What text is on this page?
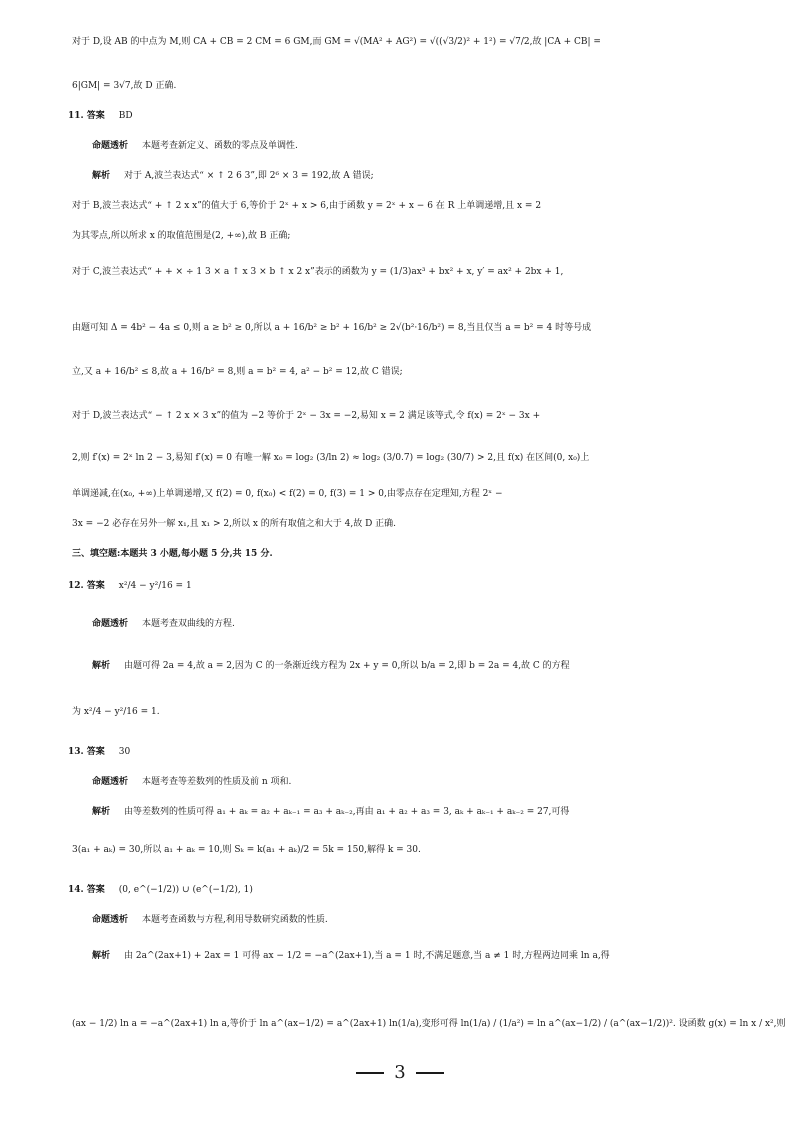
对于 D,设 AB 的中点为 M,则 CA + CB = 2 CM = 6 GM,而 GM = √(MA² + AG²) = √((√3/2)² + 1²) = √7/2,故 |CA + CB| =
6|GM| = 3√7,故 D 正确.
11. 答案 BD
命题透析 本题考查新定义、函数的零点及单调性.
解析 对于 A,波兰表达式“ × ↑ 2 6 3”,即 2⁶ × 3 = 192,故 A 错误;
对于 B,波兰表达式“ + ↑ 2 x x”的值大于 6,等价于 2ˣ + x > 6,由于函数 y = 2ˣ + x − 6 在 R 上单调递增,且 x = 2
为其零点,所以所求 x 的取值范围是(2, +∞),故 B 正确;
对于 C,波兰表达式“ + + × ÷ 1 3 × a ↑ x 3 × b ↑ x 2 x”表示的函数为 y = (1/3)ax³ + bx² + x, y′ = ax² + 2bx + 1,
由题可知 Δ = 4b² − 4a ≤ 0,则 a ≥ b² ≥ 0,所以 a + 16/b² ≥ b² + 16/b² ≥ 2√(b²·16/b²) = 8,当且仅当 a = b² = 4 时等号成
立,又 a + 16/b² ≤ 8,故 a + 16/b² = 8,则 a = b² = 4, a² − b² = 12,故 C 错误;
对于 D,波兰表达式“ − ↑ 2 x × 3 x”的值为 −2 等价于 2ˣ − 3x = −2,易知 x = 2 满足该等式,令 f(x) = 2ˣ − 3x +
2,则 f′(x) = 2ˣ ln 2 − 3,易知 f′(x) = 0 有唯一解 x₀ = log₂ (3/ln 2) ≈ log₂ (3/0.7) = log₂ (30/7) > 2,且 f(x) 在区间(0, x₀)上
单调递减,在(x₀, +∞)上单调递增,又 f(2) = 0, f(x₀) < f(2) = 0, f(3) = 1 > 0,由零点存在定理知,方程 2ˣ −
3x = −2 必存在另外一解 x₁,且 x₁ > 2,所以 x 的所有取值之和大于 4,故 D 正确.
三、填空题:本题共 3 小题,每小题 5 分,共 15 分.
12. 答案 x²/4 − y²/16 = 1
命题透析 本题考查双曲线的方程.
解析 由题可得 2a = 4,故 a = 2,因为 C 的一条渐近线方程为 2x + y = 0,所以 b/a = 2,即 b = 2a = 4,故 C 的方程
为 x²/4 − y²/16 = 1.
13. 答案 30
命题透析 本题考查等差数列的性质及前 n 项和.
解析 由等差数列的性质可得 a₁ + aₖ = a₂ + aₖ₋₁ = a₃ + aₖ₋₂,再由 a₁ + a₂ + a₃ = 3, aₖ + aₖ₋₁ + aₖ₋₂ = 27,可得
3(a₁ + aₖ) = 30,所以 a₁ + aₖ = 10,则 Sₖ = k(a₁ + aₖ)/2 = 5k = 150,解得 k = 30.
14. 答案 (0, e^(−1/2)) ∪ (e^(−1/2), 1)
命题透析 本题考查函数与方程,利用导数研究函数的性质.
解析 由 2a^(2ax+1) + 2ax = 1 可得 ax − 1/2 = −a^(2ax+1),当 a = 1 时,不满足题意,当 a ≠ 1 时,方程两边同乘 ln a,得
(ax − 1/2) ln a = −a^(2ax+1) ln a,等价于 ln a^(ax−1/2) = a^(2ax+1) ln(1/a),变形可得 ln(1/a) / (1/a²) = ln a^(ax−1/2) / (a^(ax−1/2))². 设函数 g(x) = ln x / x²,则
3
